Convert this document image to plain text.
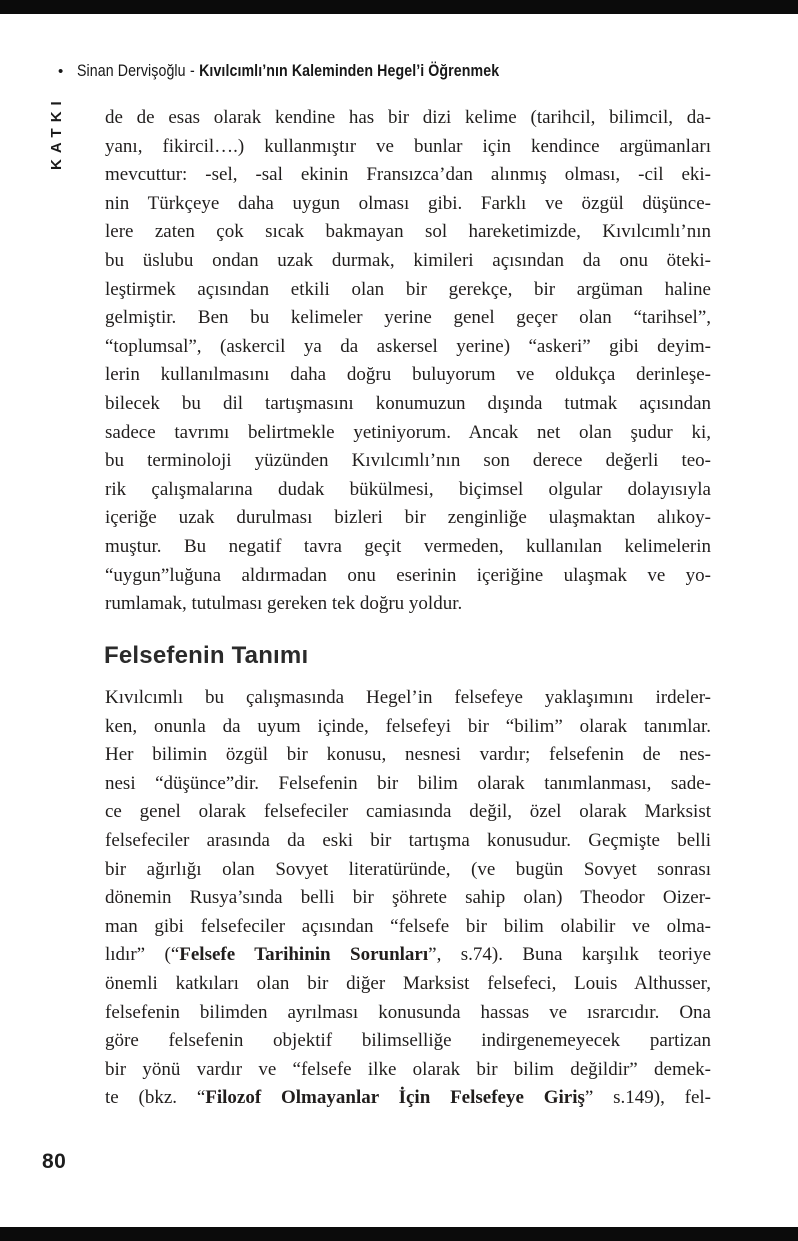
• Sinan Dervişoğlu - Kıvılcımlı’nın Kaleminden Hegel’i Öğrenmek
KATKI de de esas olarak kendine has bir dizi kelime (tarihcil, bilimcil, da-
yanı, fikircil….) kullanmıştır ve bunlar için kendince argümanları
mevcuttur: -sel, -sal ekinin Fransızca’dan alınmış olması, -cil eki-
nin Türkçeye daha uygun olması gibi. Farklı ve özgül düşünce-
lere zaten çok sıcak bakmayan sol hareketimizde, Kıvılcımlı’nın
bu üslubu ondan uzak durmak, kimileri açısından da onu öteki-
leştirmek açısından etkili olan bir gerekçe, bir argüman haline
gelmiştir. Ben bu kelimeler yerine genel geçer olan “tarihsel”,
“toplumsal”, (askercil ya da askersel yerine) “askeri” gibi deyim-
lerin kullanılmasını daha doğru buluyorum ve oldukça derinleşe-
bilecek bu dil tartışmasını konumuzun dışında tutmak açısından
sadece tavrımı belirtmekle yetiniyorum. Ancak net olan şudur ki,
bu terminoloji yüzünden Kıvılcımlı’nın son derece değerli teo-
rik çalışmalarına dudak bükülmesi, biçimsel olgular dolayısıyla
içeriğe uzak durulması bizleri bir zenginliğe ulaşmaktan alıkoy-
muştur. Bu negatif tavra geçit vermeden, kullanılan kelimelerin
“uygun”luğuna aldırmadan onu eserinin içeriğine ulaşmak ve yo-
rumlamak, tutulması gereken tek doğru yoldur.
Felsefenin Tanımı
Kıvılcımlı bu çalışmasında Hegel’in felsefeye yaklaşımını irdeler-
ken, onunla da uyum içinde, felsefeyi bir “bilim” olarak tanımlar.
Her bilimin özgül bir konusu, nesnesi vardır; felsefenin de nes-
nesi “düşünce”dir. Felsefenin bir bilim olarak tanımlanması, sade-
ce genel olarak felsefeciler camiasında değil, özel olarak Marksist
felsefeciler arasında da eski bir tartışma konusudur. Geçmişte belli
bir ağırlığı olan Sovyet literatüründe, (ve bugün Sovyet sonrası
dönemin Rusya’sında belli bir şöhrete sahip olan) Theodor Oizer-
man gibi felsefeciler açısından “felsefe bir bilim olabilir ve olma-
lıdır” (“Felsefe Tarihinin Sorunları”, s.74). Buna karşılık teoriye
önemli katkıları olan bir diğer Marksist felsefeci, Louis Althusser,
felsefenin bilimden ayrılması konusunda hassas ve ısrarcıdır. Ona
göre felsefenin objektif bilimselliğe indirgenemeyecek partizan
bir yönü vardır ve “felsefe ilke olarak bir bilim değildir” demek-
te (bkz. “Filozof Olmayanlar İçin Felsefeye Giriş” s.149), fel-
80
